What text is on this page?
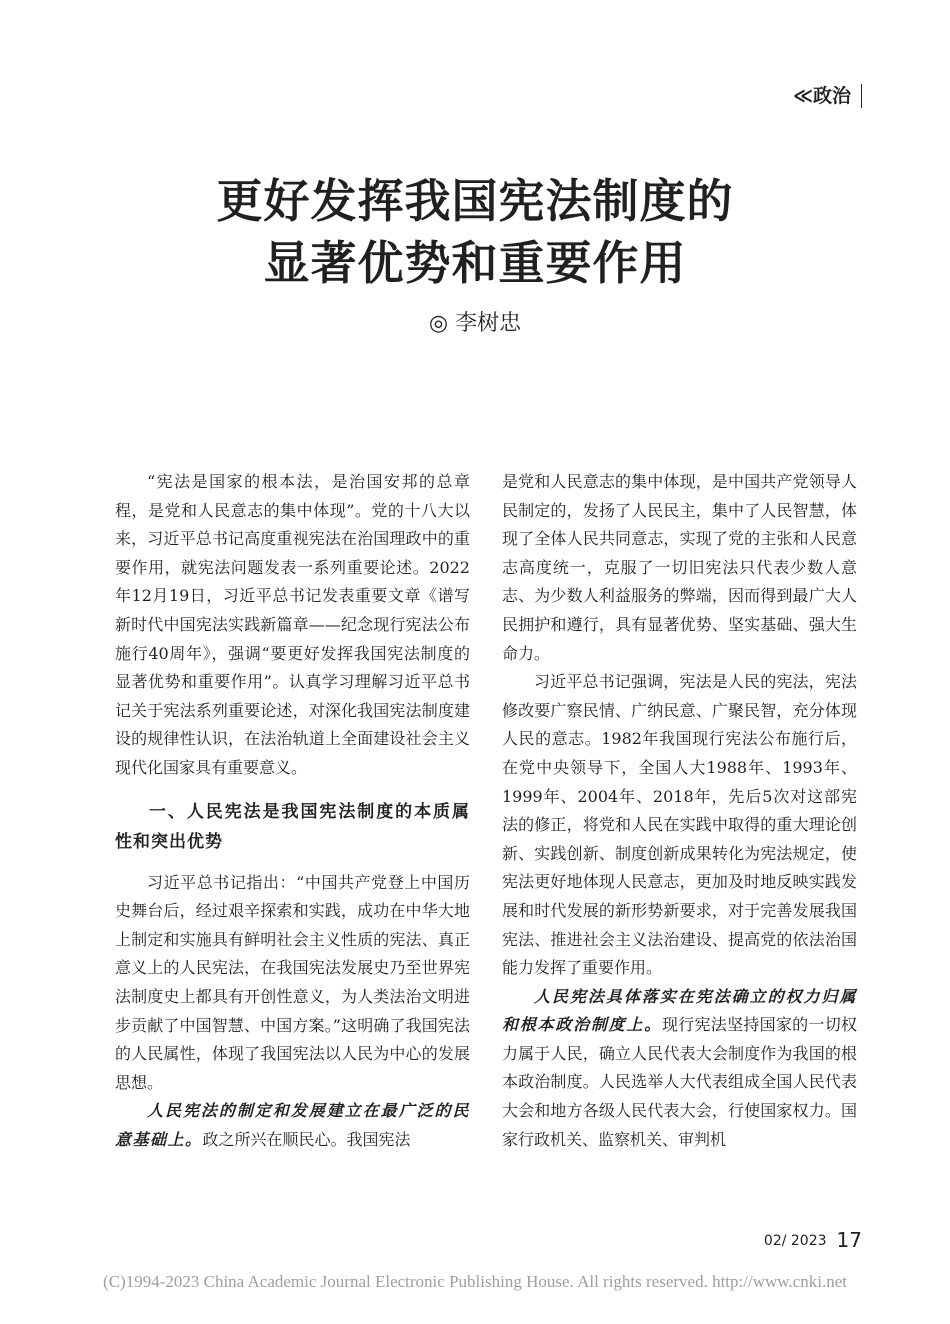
≪政治
更好发挥我国宪法制度的
显著优势和重要作用
◎ 李树忠

“宪法是国家的根本法，是治国安邦的总章程，是党和人民意志的集中体现”。党的十八大以来，习近平总书记高度重视宪法在治国理政中的重要作用，就宪法问题发表一系列重要论述。2022年12月19日，习近平总书记发表重要文章《谱写新时代中国宪法实践新篇章——纪念现行宪法公布施行40周年》，强调“要更好发挥我国宪法制度的显著优势和重要作用”。认真学习理解习近平总书记关于宪法系列重要论述，对深化我国宪法制度建设的规律性认识，在法治轨道上全面建设社会主义现代化国家具有重要意义。

一、人民宪法是我国宪法制度的本质属性和突出优势

习近平总书记指出：“中国共产党登上中国历史舞台后，经过艰辛探索和实践，成功在中华大地上制定和实施具有鲜明社会主义性质的宪法、真正意义上的人民宪法，在我国宪法发展史乃至世界宪法制度史上都具有开创性意义，为人类法治文明进步贡献了中国智慧、中国方案。”这明确了我国宪法的人民属性，体现了我国宪法以人民为中心的发展思想。

人民宪法的制定和发展建立在最广泛的民意基础上。政之所兴在顺民心。我国宪法

是党和人民意志的集中体现，是中国共产党领导人民制定的，发扬了人民民主，集中了人民智慧，体现了全体人民共同意志，实现了党的主张和人民意志高度统一，克服了一切旧宪法只代表少数人意志、为少数人利益服务的弊端，因而得到最广大人民拥护和遵行，具有显著优势、坚实基础、强大生命力。

习近平总书记强调，宪法是人民的宪法，宪法修改要广察民情、广纳民意、广聚民智，充分体现人民的意志。1982年我国现行宪法公布施行后，在党中央领导下，全国人大1988年、1993年、1999年、2004年、2018年，先后5次对这部宪法的修正，将党和人民在实践中取得的重大理论创新、实践创新、制度创新成果转化为宪法规定，使宪法更好地体现人民意志，更加及时地反映实践发展和时代发展的新形势新要求，对于完善发展我国宪法、推进社会主义法治建设、提高党的依法治国能力发挥了重要作用。

人民宪法具体落实在宪法确立的权力归属和根本政治制度上。现行宪法坚持国家的一切权力属于人民，确立人民代表大会制度作为我国的根本政治制度。人民选举人大代表组成全国人民代表大会和地方各级人民代表大会，行使国家权力。国家行政机关、监察机关、审判机

02/ 2023 17
(C)1994-2023 China Academic Journal Electronic Publishing House. All rights reserved. http://www.cnki.net
